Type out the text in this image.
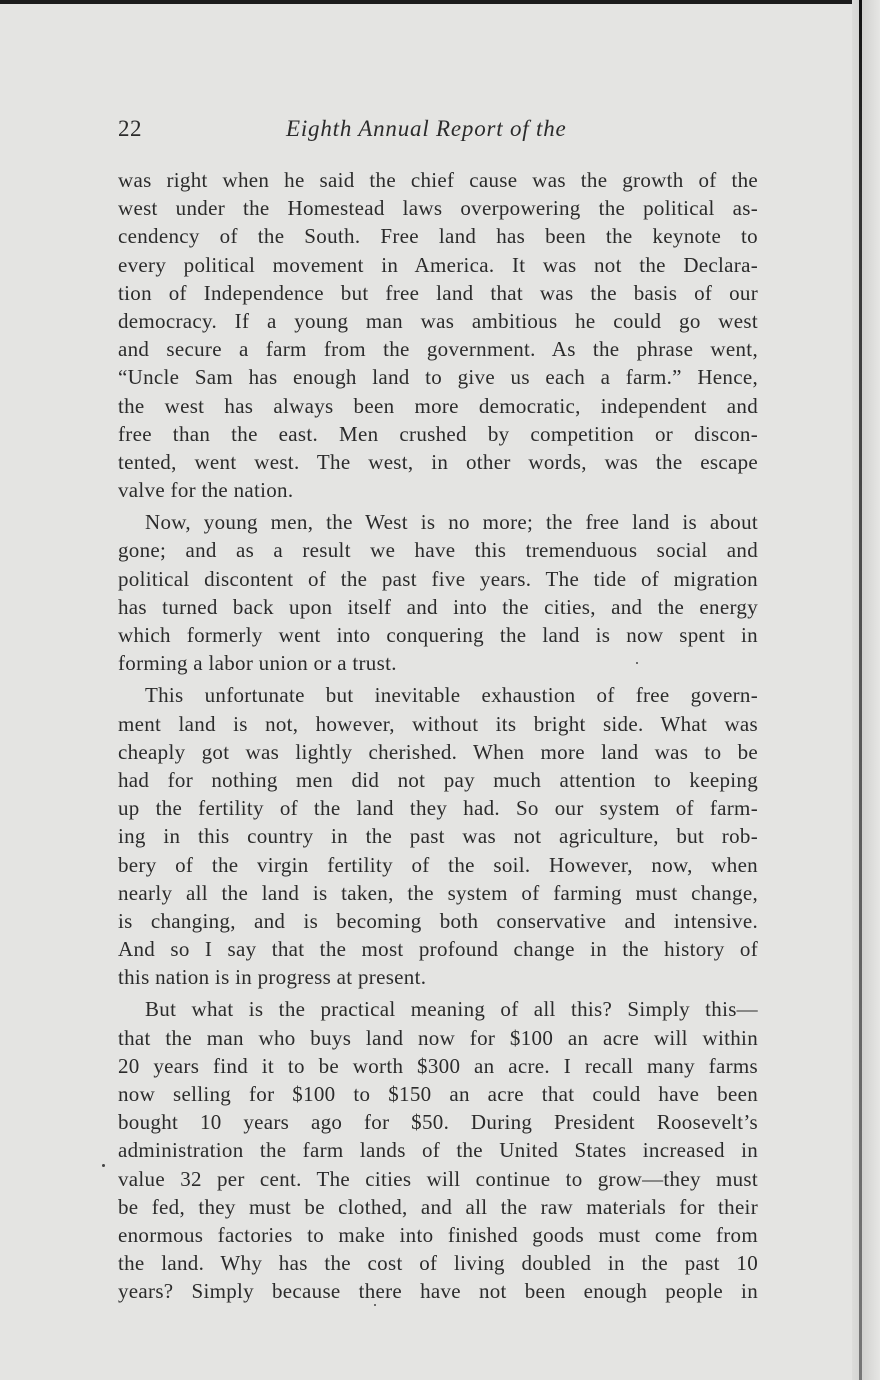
22	Eighth Annual Report of the
was right when he said the chief cause was the growth of the
west under the Homestead laws overpowering the political as-
cendency of the South. Free land has been the keynote to
every political movement in America. It was not the Declara-
tion of Independence but free land that was the basis of our
democracy. If a young man was ambitious he could go west
and secure a farm from the government. As the phrase went,
“Uncle Sam has enough land to give us each a farm.” Hence,
the west has always been more democratic, independent and
free than the east. Men crushed by competition or discon-
tented, went west. The west, in other words, was the escape
valve for the nation.
Now, young men, the West is no more; the free land is about
gone; and as a result we have this tremenduous social and
political discontent of the past five years. The tide of migration
has turned back upon itself and into the cities, and the energy
which formerly went into conquering the land is now spent in
forming a labor union or a trust.
This unfortunate but inevitable exhaustion of free govern-
ment land is not, however, without its bright side. What was
cheaply got was lightly cherished. When more land was to be
had for nothing men did not pay much attention to keeping
up the fertility of the land they had. So our system of farm-
ing in this country in the past was not agriculture, but rob-
bery of the virgin fertility of the soil. However, now, when
nearly all the land is taken, the system of farming must change,
is changing, and is becoming both conservative and intensive.
And so I say that the most profound change in the history of
this nation is in progress at present.
But what is the practical meaning of all this? Simply this—
that the man who buys land now for $100 an acre will within
20 years find it to be worth $300 an acre. I recall many farms
now selling for $100 to $150 an acre that could have been
bought 10 years ago for $50. During President Roosevelt’s
administration the farm lands of the United States increased in
value 32 per cent. The cities will continue to grow—they must
be fed, they must be clothed, and all the raw materials for their
enormous factories to make into finished goods must come from
the land. Why has the cost of living doubled in the past 10
years? Simply because there have not been enough people in
